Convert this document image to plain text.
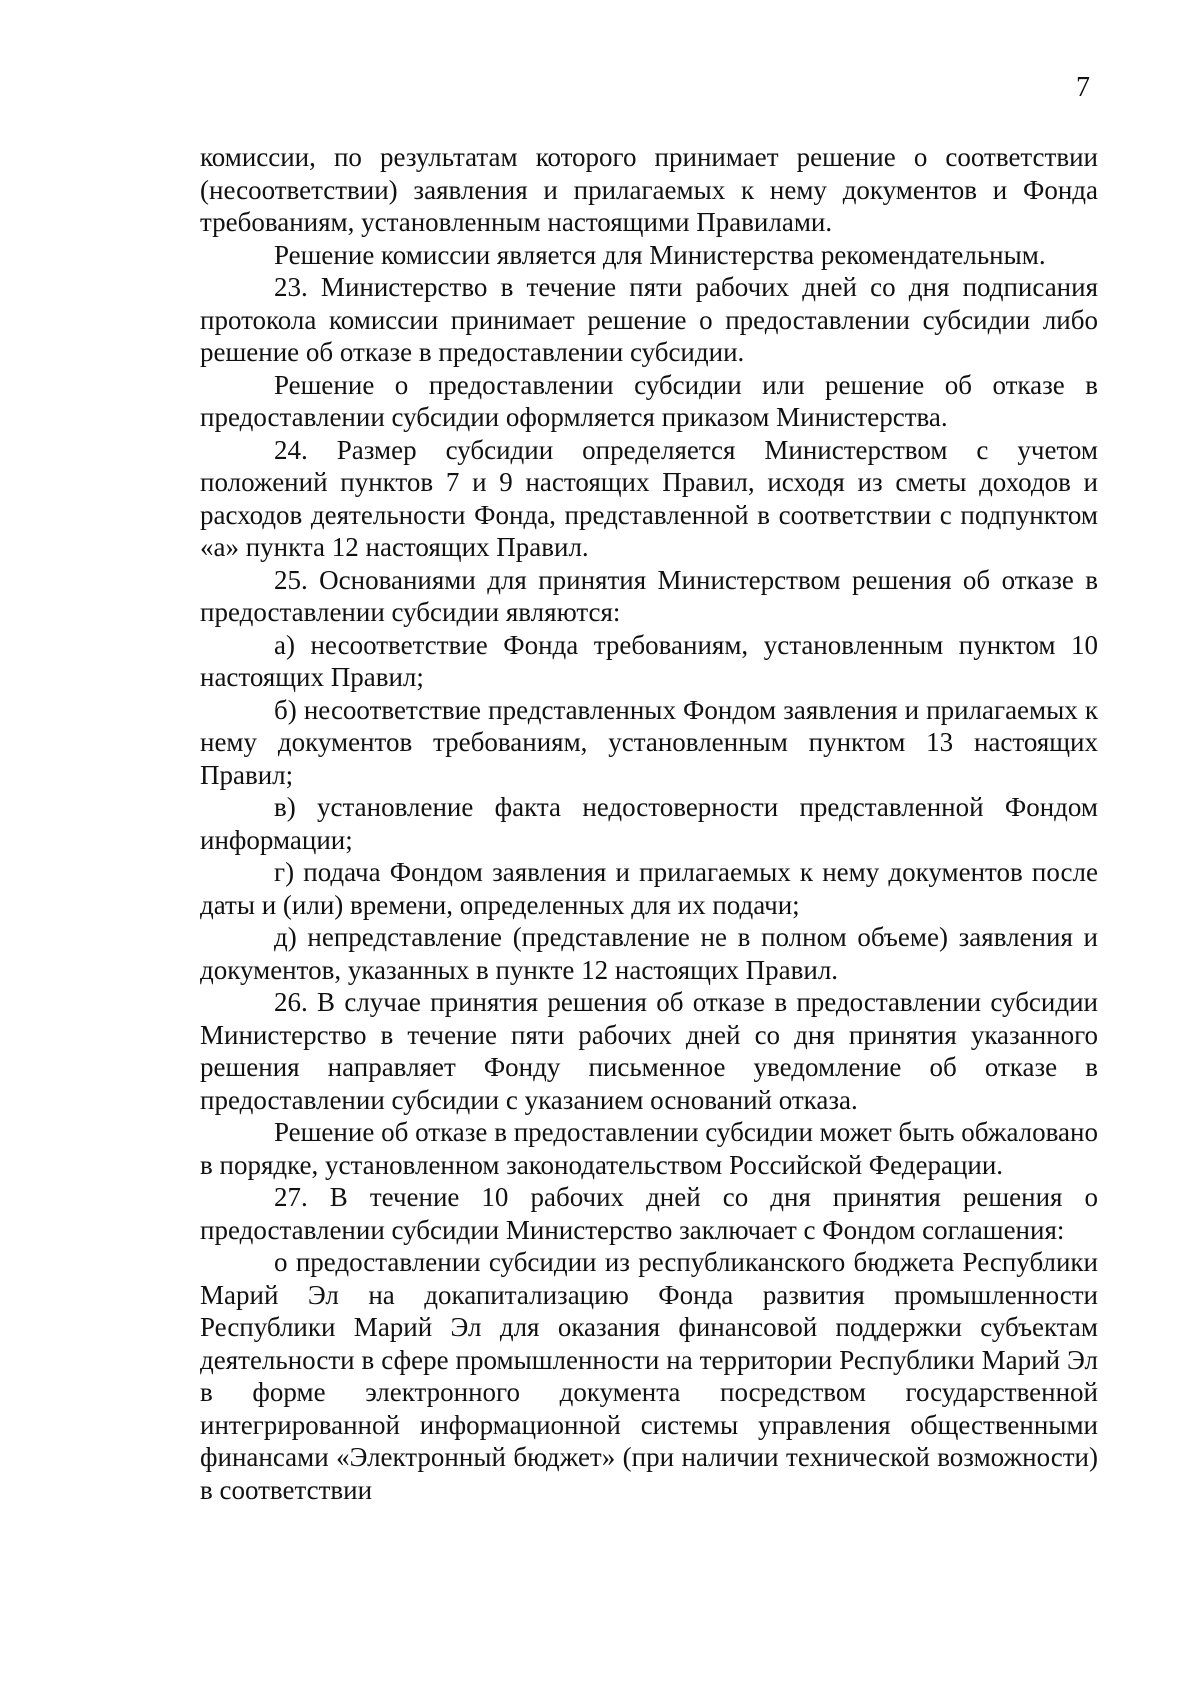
7

комиссии, по результатам которого принимает решение о соответствии (несоответствии) заявления и прилагаемых к нему документов и Фонда требованиям, установленным настоящими Правилами.

Решение комиссии является для Министерства рекомендательным.

23. Министерство в течение пяти рабочих дней со дня подписания протокола комиссии принимает решение о предоставлении субсидии либо решение об отказе в предоставлении субсидии.

Решение о предоставлении субсидии или решение об отказе в предоставлении субсидии оформляется приказом Министерства.

24. Размер субсидии определяется Министерством с учетом положений пунктов 7 и 9 настоящих Правил, исходя из сметы доходов и расходов деятельности Фонда, представленной в соответствии с подпунктом «а» пункта 12 настоящих Правил.

25. Основаниями для принятия Министерством решения об отказе в предоставлении субсидии являются:

а) несоответствие Фонда требованиям, установленным пунктом 10 настоящих Правил;

б) несоответствие представленных Фондом заявления и прилагаемых к нему документов требованиям, установленным пунктом 13 настоящих Правил;

в) установление факта недостоверности представленной Фондом информации;

г) подача Фондом заявления и прилагаемых к нему документов после даты и (или) времени, определенных для их подачи;

д) непредставление (представление не в полном объеме) заявления и документов, указанных в пункте 12 настоящих Правил.

26. В случае принятия решения об отказе в предоставлении субсидии Министерство в течение пяти рабочих дней со дня принятия указанного решения направляет Фонду письменное уведомление об отказе в предоставлении субсидии с указанием оснований отказа.

Решение об отказе в предоставлении субсидии может быть обжаловано в порядке, установленном законодательством Российской Федерации.

27. В течение 10 рабочих дней со дня принятия решения о предоставлении субсидии Министерство заключает с Фондом соглашения:

о предоставлении субсидии из республиканского бюджета Республики Марий Эл на докапитализацию Фонда развития промышленности Республики Марий Эл для оказания финансовой поддержки субъектам деятельности в сфере промышленности на территории Республики Марий Эл в форме электронного документа посредством государственной интегрированной информационной системы управления общественными финансами «Электронный бюджет» (при наличии технической возможности) в соответствии
